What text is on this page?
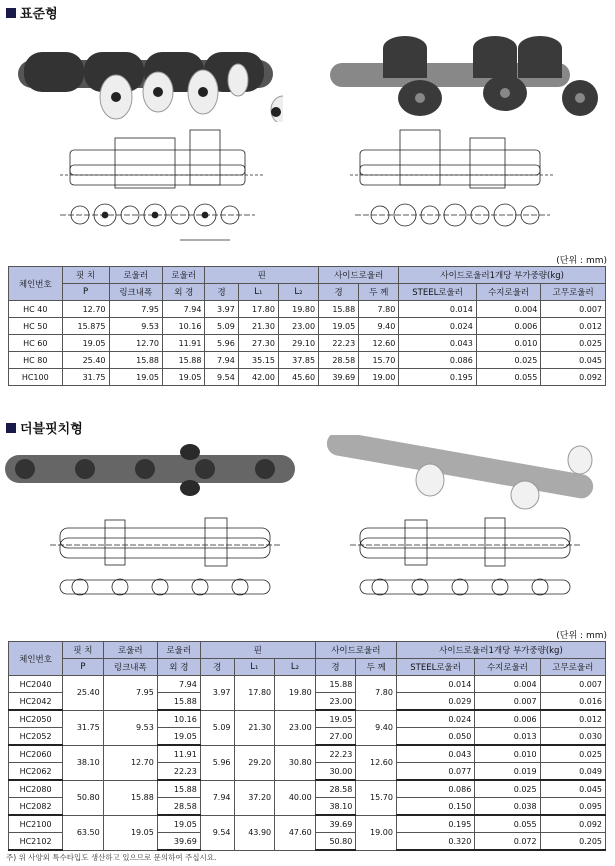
표준형
(단위 : mm)
체인번호	핏 치	로울러	로울러	핀			사이드로울러		사이드로울러1개당 부가중량(kg)		
	P	링크내폭	외 경	경	L₁	L₂	경	두 께	STEEL로울러	수지로울러	고무로울러
HC 40	12.70	7.95	7.94	3.97	17.80	19.80	15.88	7.80	0.014	0.004	0.007
HC 50	15.875	9.53	10.16	5.09	21.30	23.00	19.05	9.40	0.024	0.006	0.012
HC 60	19.05	12.70	11.91	5.96	27.30	29.10	22.23	12.60	0.043	0.010	0.025
HC 80	25.40	15.88	15.88	7.94	35.15	37.85	28.58	15.70	0.086	0.025	0.045
HC100	31.75	19.05	19.05	9.54	42.00	45.60	39.69	19.00	0.195	0.055	0.092
더블핏치형
(단위 : mm)
체인번호	핏 치	로울러	로울러	핀			사이드로울러		사이드로울러1개당 부가중량(kg)		
	P	링크내폭	외 경	경	L₁	L₂	경	두 께	STEEL로울러	수지로울러	고무로울러
HC2040	25.40	7.95	7.94	3.97	17.80	19.80	15.88	7.80	0.014	0.004	0.007
HC2042			15.88				23.00		0.029	0.007	0.016
HC2050	31.75	9.53	10.16	5.09	21.30	23.00	19.05	9.40	0.024	0.006	0.012
HC2052			19.05				27.00		0.050	0.013	0.030
HC2060	38.10	12.70	11.91	5.96	29.20	30.80	22.23	12.60	0.043	0.010	0.025
HC2062			22.23				30.00		0.077	0.019	0.049
HC2080	50.80	15.88	15.88	7.94	37.20	40.00	28.58	15.70	0.086	0.025	0.045
HC2082			28.58				38.10		0.150	0.038	0.095
HC2100	63.50	19.05	19.05	9.54	43.90	47.60	39.69	19.00	0.195	0.055	0.092
HC2102			39.69				50.80		0.320	0.072	0.205
주) 위 사양외 특수타입도 생산하고 있으므로 문의하여 주십시요.
